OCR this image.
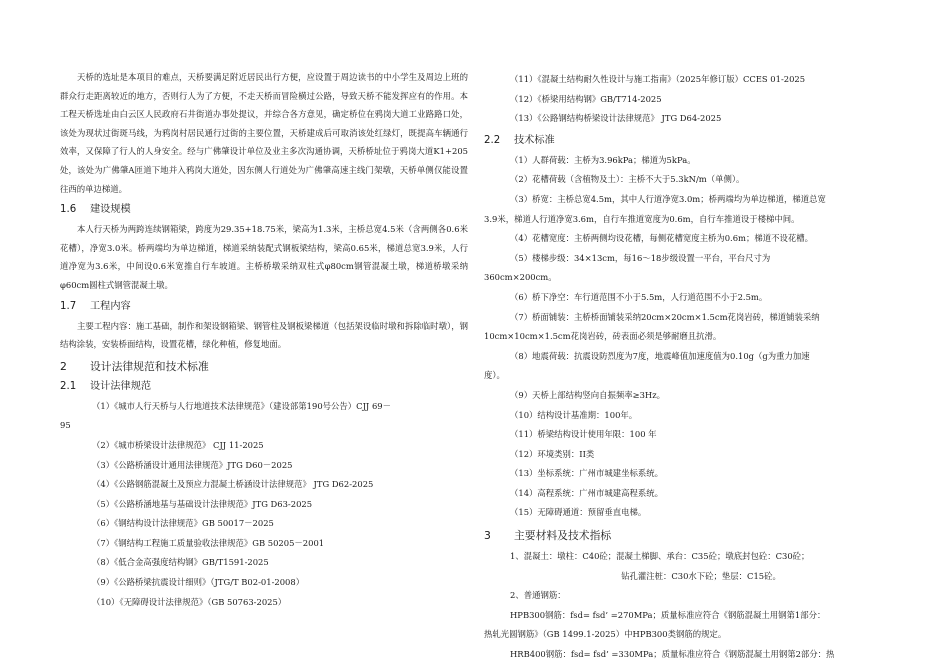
天桥的选址是本项目的难点，天桥要满足附近居民出行方便，应设置于周边读书的中小学生及周边上班的群众行走距离较近的地方，否则行人为了方便，不走天桥而冒险横过公路，导致天桥不能发挥应有的作用。本工程天桥选址由白云区人民政府石井街道办事处提议，并综合各方意见，确定桥位在鸦岗大道工业路路口处，该处为现状过街斑马线，为鸦岗村居民通行过街的主要位置，天桥建成后可取消该处红绿灯，既提高车辆通行效率，又保障了行人的人身安全。经与广佛肇设计单位及业主多次沟通协调，天桥桥址位于鸦岗大道K1+205处，该处为广佛肇A匝道下地并入鸦岗大道处，因东侧人行道处为广佛肇高速主线门架墩，天桥单侧仅能设置往西的单边梯道。

1.6 建设规模

本人行天桥为两跨连续钢箱梁，跨度为29.35+18.75米，梁高为1.3米，主桥总宽4.5米（含两侧各0.6米花槽），净宽3.0米。桥两端均为单边梯道，梯道采纳装配式钢板梁结构，梁高0.65米，梯道总宽3.9米，人行道净宽为3.6米，中间设0.6米宽推自行车坡道。主桥桥墩采纳双柱式φ80cm钢管混凝土墩，梯道桥墩采纳φ60cm圆柱式钢管混凝土墩。

1.7 工程内容

主要工程内容：施工基础，制作和架设钢箱梁、钢管柱及钢板梁梯道（包括架设临时墩和拆除临时墩），钢结构涂装，安装桥面结构，设置花槽，绿化种植，修复地面。

2 设计法律规范和技术标准
2.1 设计法律规范

（1）《城市人行天桥与人行地道技术法律规范》（建设部第190号公告）CJJ 69－

95

（2）《城市桥梁设计法律规范》 CJJ 11-2025

（3）《公路桥涵设计通用法律规范》JTG D60－2025

（4）《公路钢筋混凝土及预应力混凝土桥涵设计法律规范》 JTG D62-2025

（5）《公路桥涵地基与基础设计法律规范》JTG D63-2025

（6）《钢结构设计法律规范》GB 50017－2025

（7）《钢结构工程施工质量验收法律规范》GB 50205－2001

（8）《低合金高强度结构钢》GB/T1591-2025

（9）《公路桥梁抗震设计细则》（JTG/T B02-01-2008）

（10）《无障碍设计法律规范》（GB 50763-2025）

（11）《混凝土结构耐久性设计与施工指南》（2025年修订版）CCES 01-2025

（12）《桥梁用结构钢》GB/T714-2025

（13）《公路钢结构桥梁设计法律规范》 JTG D64-2025

2.2 技术标准

（1）人群荷载：主桥为3.96kPa；梯道为5kPa。

（2）花槽荷载（含植物及土）：主桥不大于5.3kN/m（单侧）。

（3）桥宽：主桥总宽4.5m，其中人行道净宽3.0m；桥两端均为单边梯道，梯道总宽

3.9米，梯道人行道净宽3.6m，自行车推道宽度为0.6m，自行车推道设于楼梯中间。

（4）花槽宽度：主桥两侧均设花槽，每侧花槽宽度主桥为0.6m；梯道不设花槽。

（5）楼梯步级：34×13cm，每16～18步级设置一平台，平台尺寸为

360cm×200cm。

（6）桥下净空：车行道范围不小于5.5m，人行道范围不小于2.5m。

（7）桥面铺装：主桥桥面铺装采纳20cm×20cm×1.5cm花岗岩砖，梯道铺装采纳

10cm×10cm×1.5cm花岗岩砖，砖表面必须是够耐磨且抗滑。

（8）地震荷载：抗震设防烈度为7度，地震峰值加速度值为0.10g（g为重力加速

度）。

（9）天桥上部结构竖向自振频率≥3Hz。

（10）结构设计基准期：100年。

（11）桥梁结构设计使用年限：100 年

（12）环境类别：II类

（13）坐标系统：广州市城建坐标系统。

（14）高程系统：广州市城建高程系统。

（15）无障碍通道：预留垂直电梯。

3 主要材料及技术指标

1、混凝土：墩柱：C40砼；混凝土梯脚、承台：C35砼；墩底封包砼：C30砼；

钻孔灌注桩：C30水下砼；垫层：C15砼。

2、普通钢筋：

HPB300钢筋：fsd= fsd’ =270MPa；质量标准应符合《钢筋混凝土用钢第1部分：

热轧光圆钢筋》（GB 1499.1-2025）中HPB300类钢筋的规定。

HRB400钢筋：fsd= fsd’ =330MPa；质量标准应符合《钢筋混凝土用钢第2部分：热
